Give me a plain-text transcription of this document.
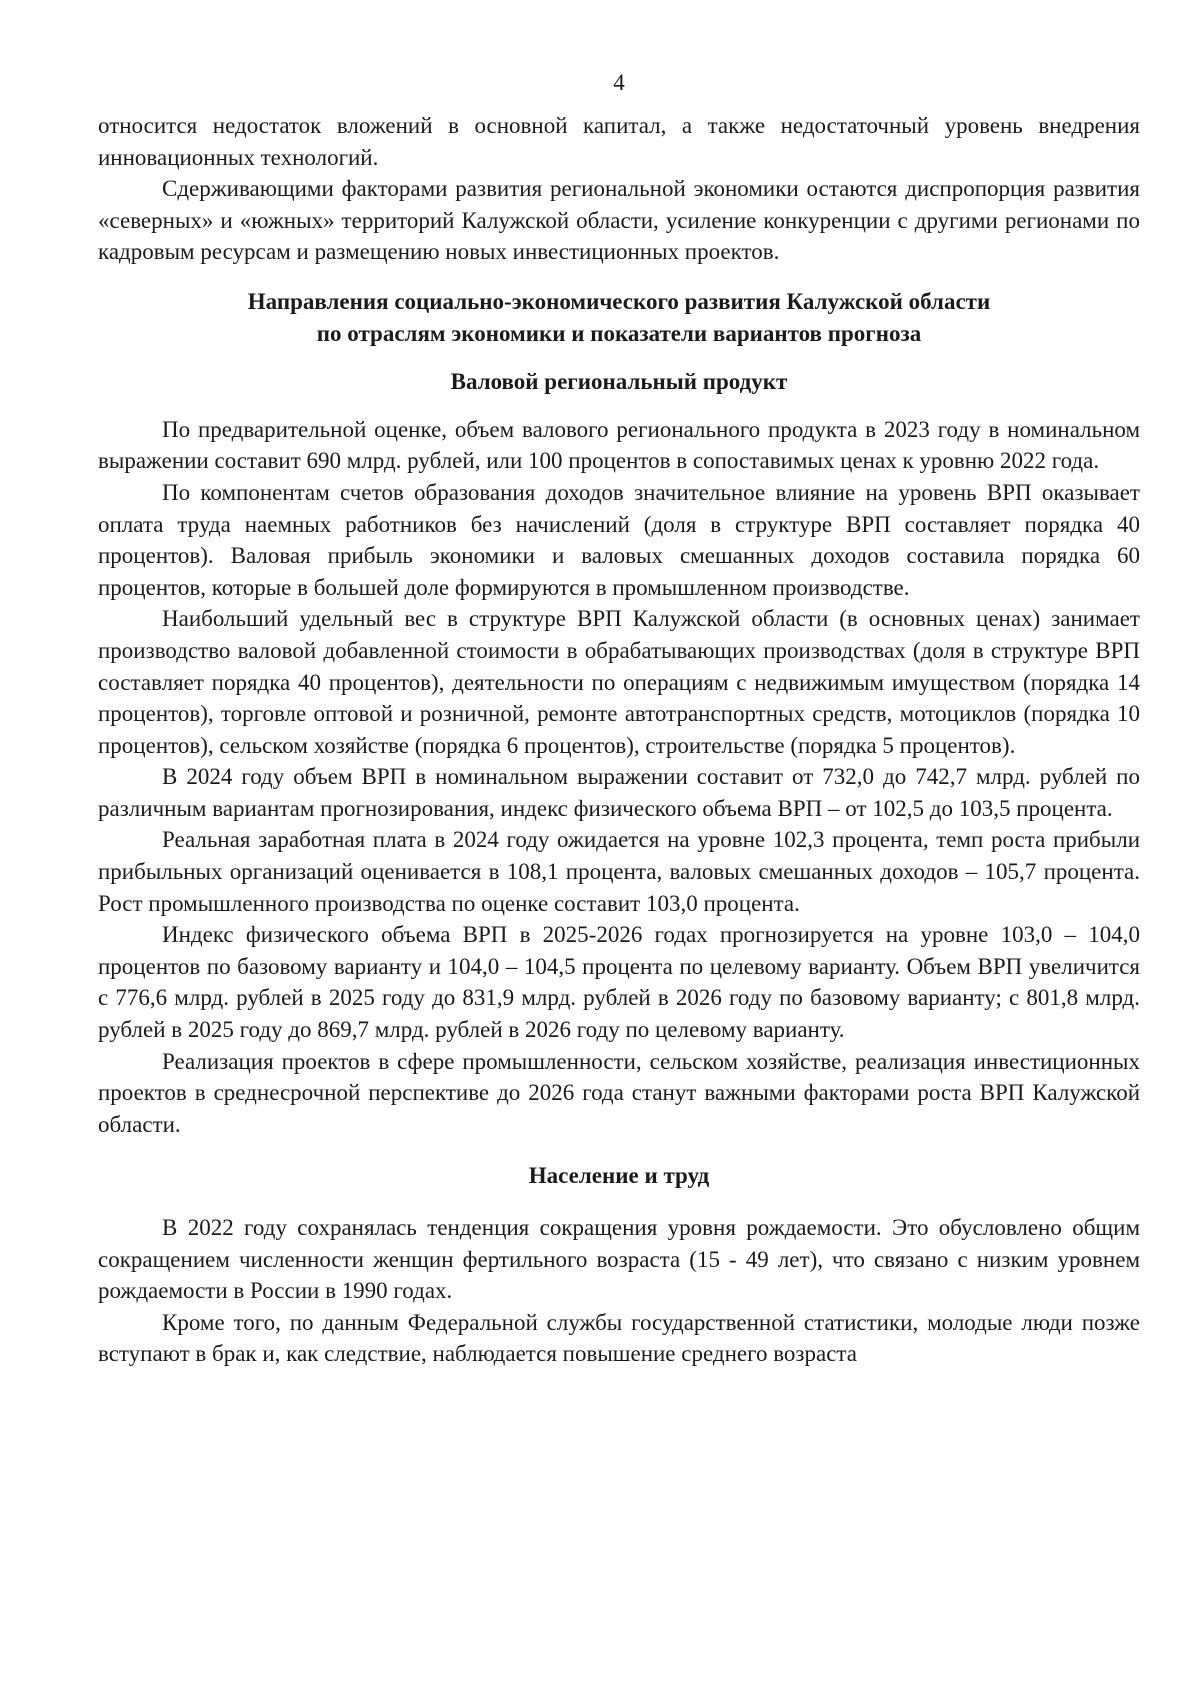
4

относится недостаток вложений в основной капитал, а также недостаточный уровень внедрения инновационных технологий.

Сдерживающими факторами развития региональной экономики остаются диспропорция развития «северных» и «южных» территорий Калужской области, усиление конкуренции с другими регионами по кадровым ресурсам и размещению новых инвестиционных проектов.

Направления социально-экономического развития Калужской области
по отраслям экономики и показатели вариантов прогноза
Валовой региональный продукт

По предварительной оценке, объем валового регионального продукта в 2023 году в номинальном выражении составит 690 млрд. рублей, или 100 процентов в сопоставимых ценах к уровню 2022 года.

По компонентам счетов образования доходов значительное влияние на уровень ВРП оказывает оплата труда наемных работников без начислений (доля в структуре ВРП составляет порядка 40 процентов). Валовая прибыль экономики и валовых смешанных доходов составила порядка 60 процентов, которые в большей доле формируются в промышленном производстве.

Наибольший удельный вес в структуре ВРП Калужской области (в основных ценах) занимает производство валовой добавленной стоимости в обрабатывающих производствах (доля в структуре ВРП составляет порядка 40 процентов), деятельности по операциям с недвижимым имуществом (порядка 14 процентов), торговле оптовой и розничной, ремонте автотранспортных средств, мотоциклов (порядка 10 процентов), сельском хозяйстве (порядка 6 процентов), строительстве (порядка 5 процентов).

В 2024 году объем ВРП в номинальном выражении составит от 732,0 до 742,7 млрд. рублей по различным вариантам прогнозирования, индекс физического объема ВРП – от 102,5 до 103,5 процента.

Реальная заработная плата в 2024 году ожидается на уровне 102,3 процента, темп роста прибыли прибыльных организаций оценивается в 108,1 процента, валовых смешанных доходов – 105,7 процента. Рост промышленного производства по оценке составит 103,0 процента.

Индекс физического объема ВРП в 2025-2026 годах прогнозируется на уровне 103,0 – 104,0 процентов по базовому варианту и 104,0 – 104,5 процента по целевому варианту. Объем ВРП увеличится с 776,6 млрд. рублей в 2025 году до 831,9 млрд. рублей в 2026 году по базовому варианту; с 801,8 млрд. рублей в 2025 году до 869,7 млрд. рублей в 2026 году по целевому варианту.

Реализация проектов в сфере промышленности, сельском хозяйстве, реализация инвестиционных проектов в среднесрочной перспективе до 2026 года станут важными факторами роста ВРП Калужской области.

Население и труд

В 2022 году сохранялась тенденция сокращения уровня рождаемости. Это обусловлено общим сокращением численности женщин фертильного возраста (15 - 49 лет), что связано с низким уровнем рождаемости в России в 1990 годах.

Кроме того, по данным Федеральной службы государственной статистики, молодые люди позже вступают в брак и, как следствие, наблюдается повышение среднего возраста
